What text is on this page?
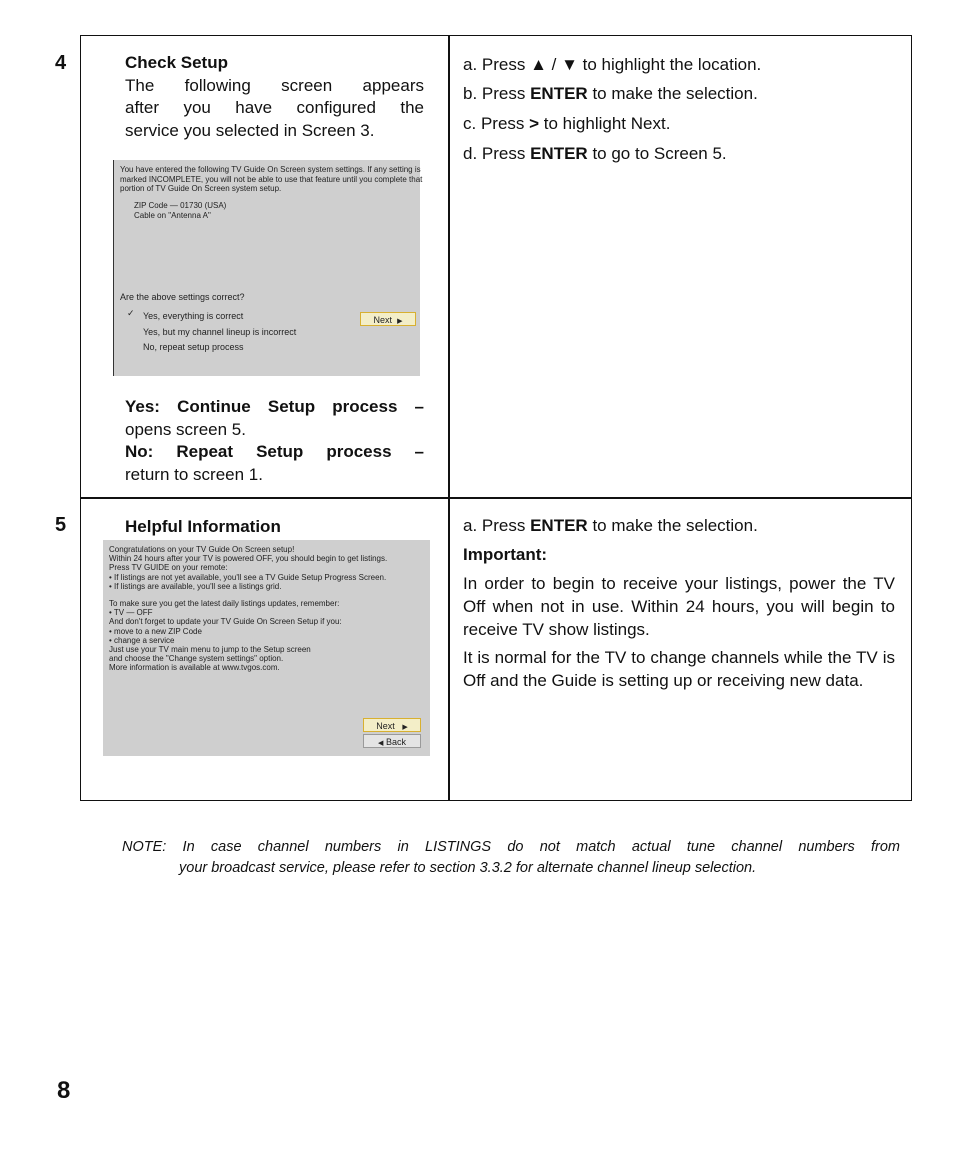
4
5
Check Setup
The following screen appears
after you have configured the
service you selected in Screen 3.
You have entered the following TV Guide On Screen system settings. If any setting is
marked INCOMPLETE, you will not be able to use that feature until you complete that
portion of TV Guide On Screen system setup.
ZIP Code — 01730 (USA)
Cable on "Antenna A"
Are the above settings correct?
✓ Yes, everything is correct
Yes, but my channel lineup is incorrect
No, repeat setup process
Next ▶
Yes: Continue Setup process –
opens screen 5.
No: Repeat Setup process –
return to screen 1.

a. Press ▲ / ▼ to highlight the location.

b. Press ENTER to make the selection.

c. Press > to highlight Next.

d. Press ENTER to go to Screen 5.

Helpful Information
Congratulations on your TV Guide On Screen setup!
Within 24 hours after your TV is powered OFF, you should begin to get listings.
Press TV GUIDE on your remote:
• If listings are not yet available, you'll see a TV Guide Setup Progress Screen.
• If listings are available, you'll see a listings grid.
To make sure you get the latest daily listings updates, remember:
• TV — OFF
And don't forget to update your TV Guide On Screen Setup if you:
• move to a new ZIP Code
• change a service
Just use your TV main menu to jump to the Setup screen
and choose the "Change system settings" option.
More information is available at www.tvgos.com.
Next ▶
◀ Back

a. Press ENTER to make the selection.

Important:

In order to begin to receive your listings, power the TV Off when not in use. Within 24 hours, you will begin to receive TV show listings.

It is normal for the TV to change channels while the TV is Off and the Guide is setting up or receiving new data.

NOTE: In case channel numbers in LISTINGS do not match actual tune channel numbers from
your broadcast service, please refer to section 3.3.2 for alternate channel lineup selection.
8
